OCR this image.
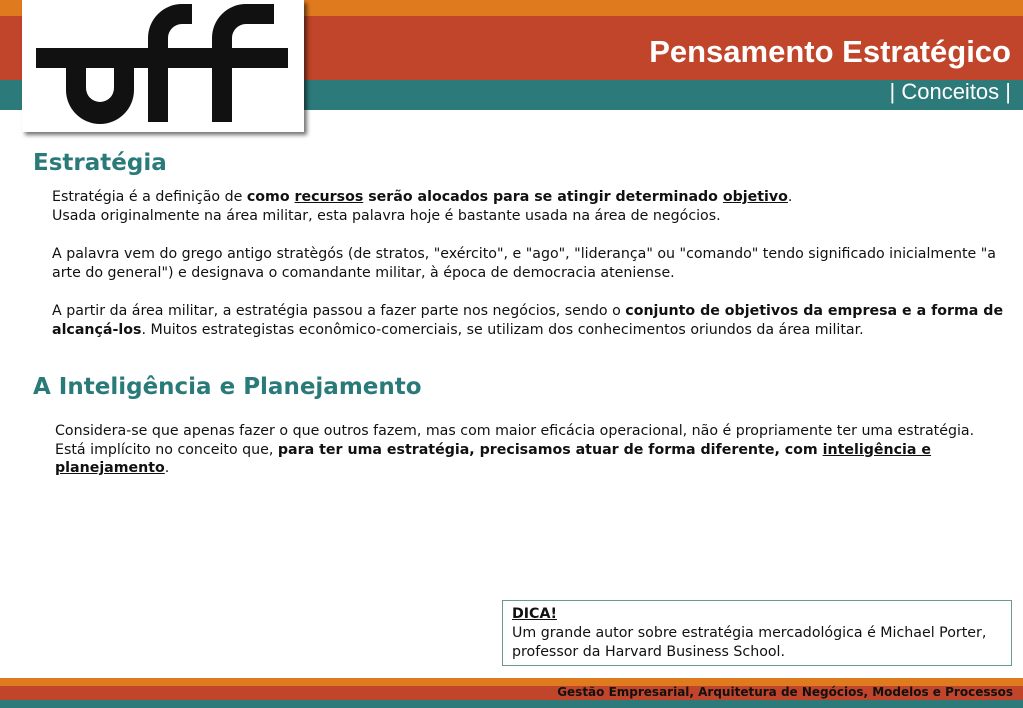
Pensamento Estratégico
| Conceitos |
Estratégia
Estratégia é a definição de como recursos serão alocados para se atingir determinado objetivo.
Usada originalmente na área militar, esta palavra hoje é bastante usada na área de negócios.
A palavra vem do grego antigo stratègós (de stratos, "exército", e "ago", "liderança" ou "comando" tendo significado inicialmente "a arte do general") e designava o comandante militar, à época de democracia ateniense.
A partir da área militar, a estratégia passou a fazer parte nos negócios, sendo o conjunto de objetivos da empresa e a forma de alcançá-los. Muitos estrategistas econômico-comerciais, se utilizam dos conhecimentos oriundos da área militar.
A Inteligência e Planejamento
Considera-se que apenas fazer o que outros fazem, mas com maior eficácia operacional, não é propriamente ter uma estratégia. Está implícito no conceito que, para ter uma estratégia, precisamos atuar de forma diferente, com inteligência e planejamento.
DICA!
Um grande autor sobre estratégia mercadológica é Michael Porter, professor da Harvard Business School.
Gestão Empresarial, Arquitetura de Negócios, Modelos e Processos
